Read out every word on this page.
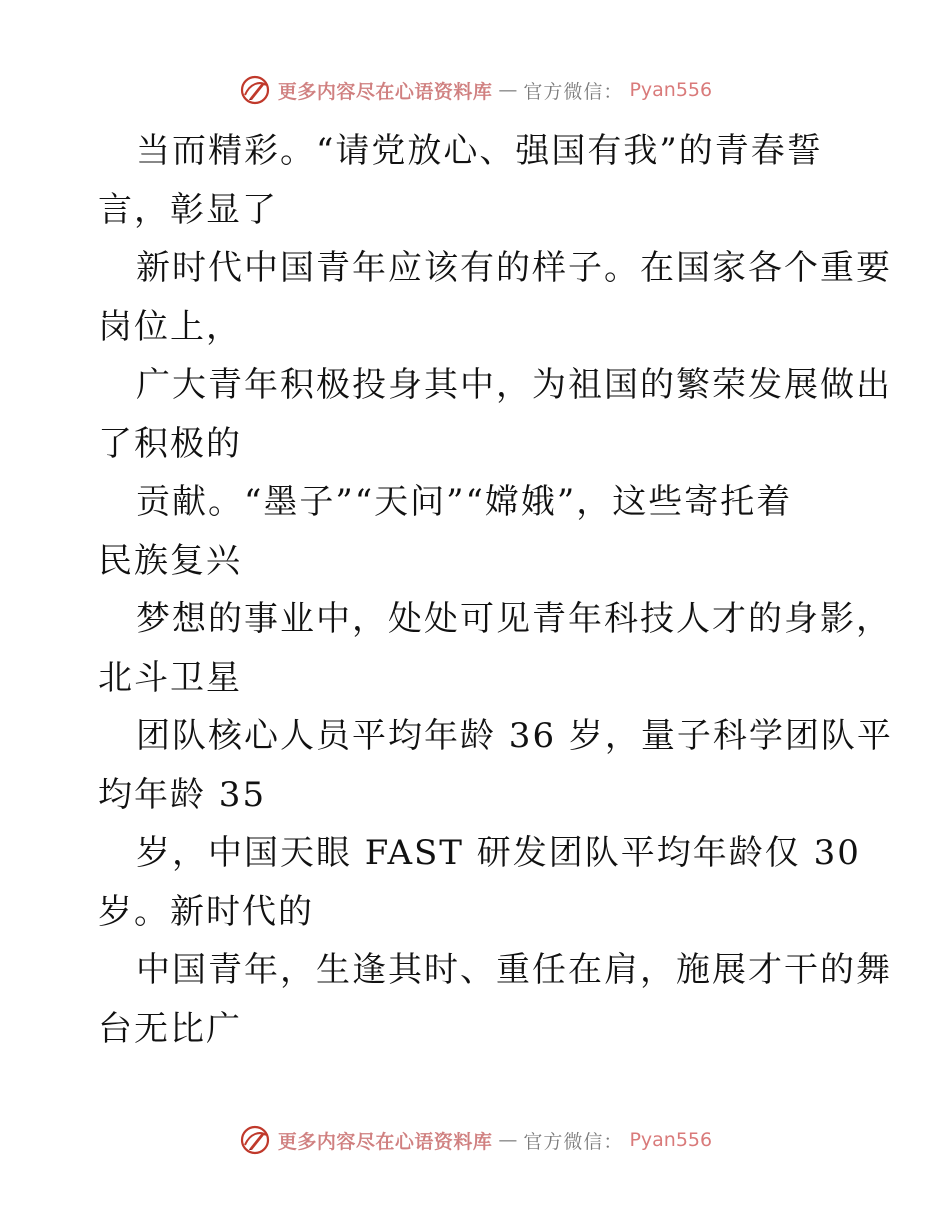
更多内容尽在心语资料库 — 官方微信： Pyan556
当而精彩。“请党放心、强国有我”的青春誓
言，彰显了
新时代中国青年应该有的样子。在国家各个重要
岗位上，
广大青年积极投身其中，为祖国的繁荣发展做出
了积极的
贡献。“墨子”“天问”“嫦娥”，这些寄托着
民族复兴
梦想的事业中，处处可见青年科技人才的身影，
北斗卫星
团队核心人员平均年龄 36 岁，量子科学团队平
均年龄 35
岁，中国天眼 FAST 研发团队平均年龄仅 30
岁。新时代的
中国青年，生逢其时、重任在肩，施展才干的舞
台无比广
更多内容尽在心语资料库 — 官方微信： Pyan556
